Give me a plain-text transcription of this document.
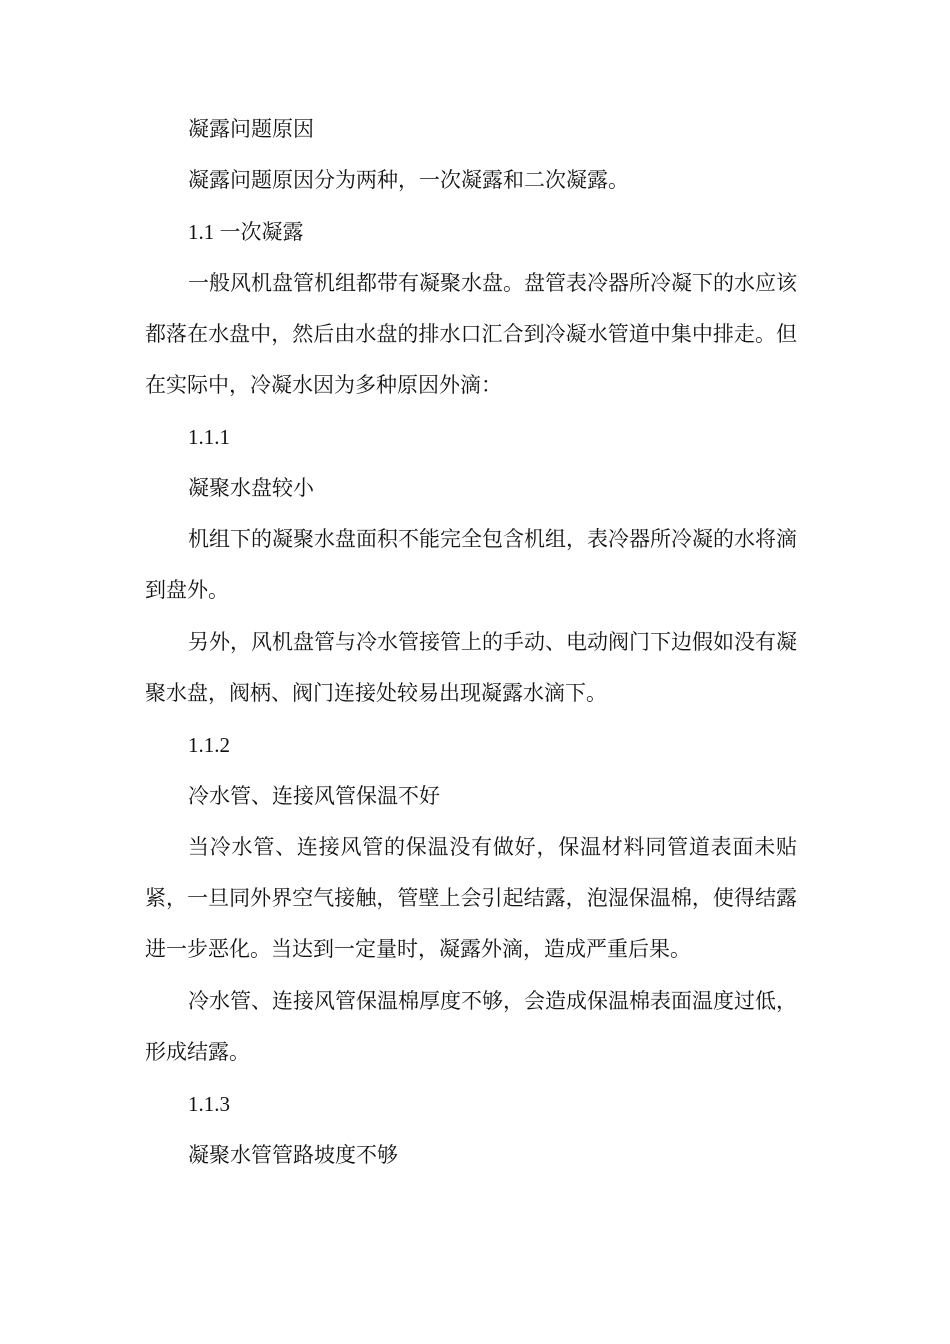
凝露问题原因
凝露问题原因分为两种，一次凝露和二次凝露。
1.1 一次凝露
一般风机盘管机组都带有凝聚水盘。盘管表冷器所冷凝下的水应该都落在水盘中，然后由水盘的排水口汇合到冷凝水管道中集中排走。但在实际中，冷凝水因为多种原因外滴：
1.1.1
凝聚水盘较小
机组下的凝聚水盘面积不能完全包含机组，表冷器所冷凝的水将滴到盘外。
另外，风机盘管与冷水管接管上的手动、电动阀门下边假如没有凝聚水盘，阀柄、阀门连接处较易出现凝露水滴下。
1.1.2
冷水管、连接风管保温不好
当冷水管、连接风管的保温没有做好，保温材料同管道表面未贴紧，一旦同外界空气接触，管壁上会引起结露，泡湿保温棉，使得结露进一步恶化。当达到一定量时，凝露外滴，造成严重后果。
冷水管、连接风管保温棉厚度不够，会造成保温棉表面温度过低，形成结露。
1.1.3
凝聚水管管路坡度不够
